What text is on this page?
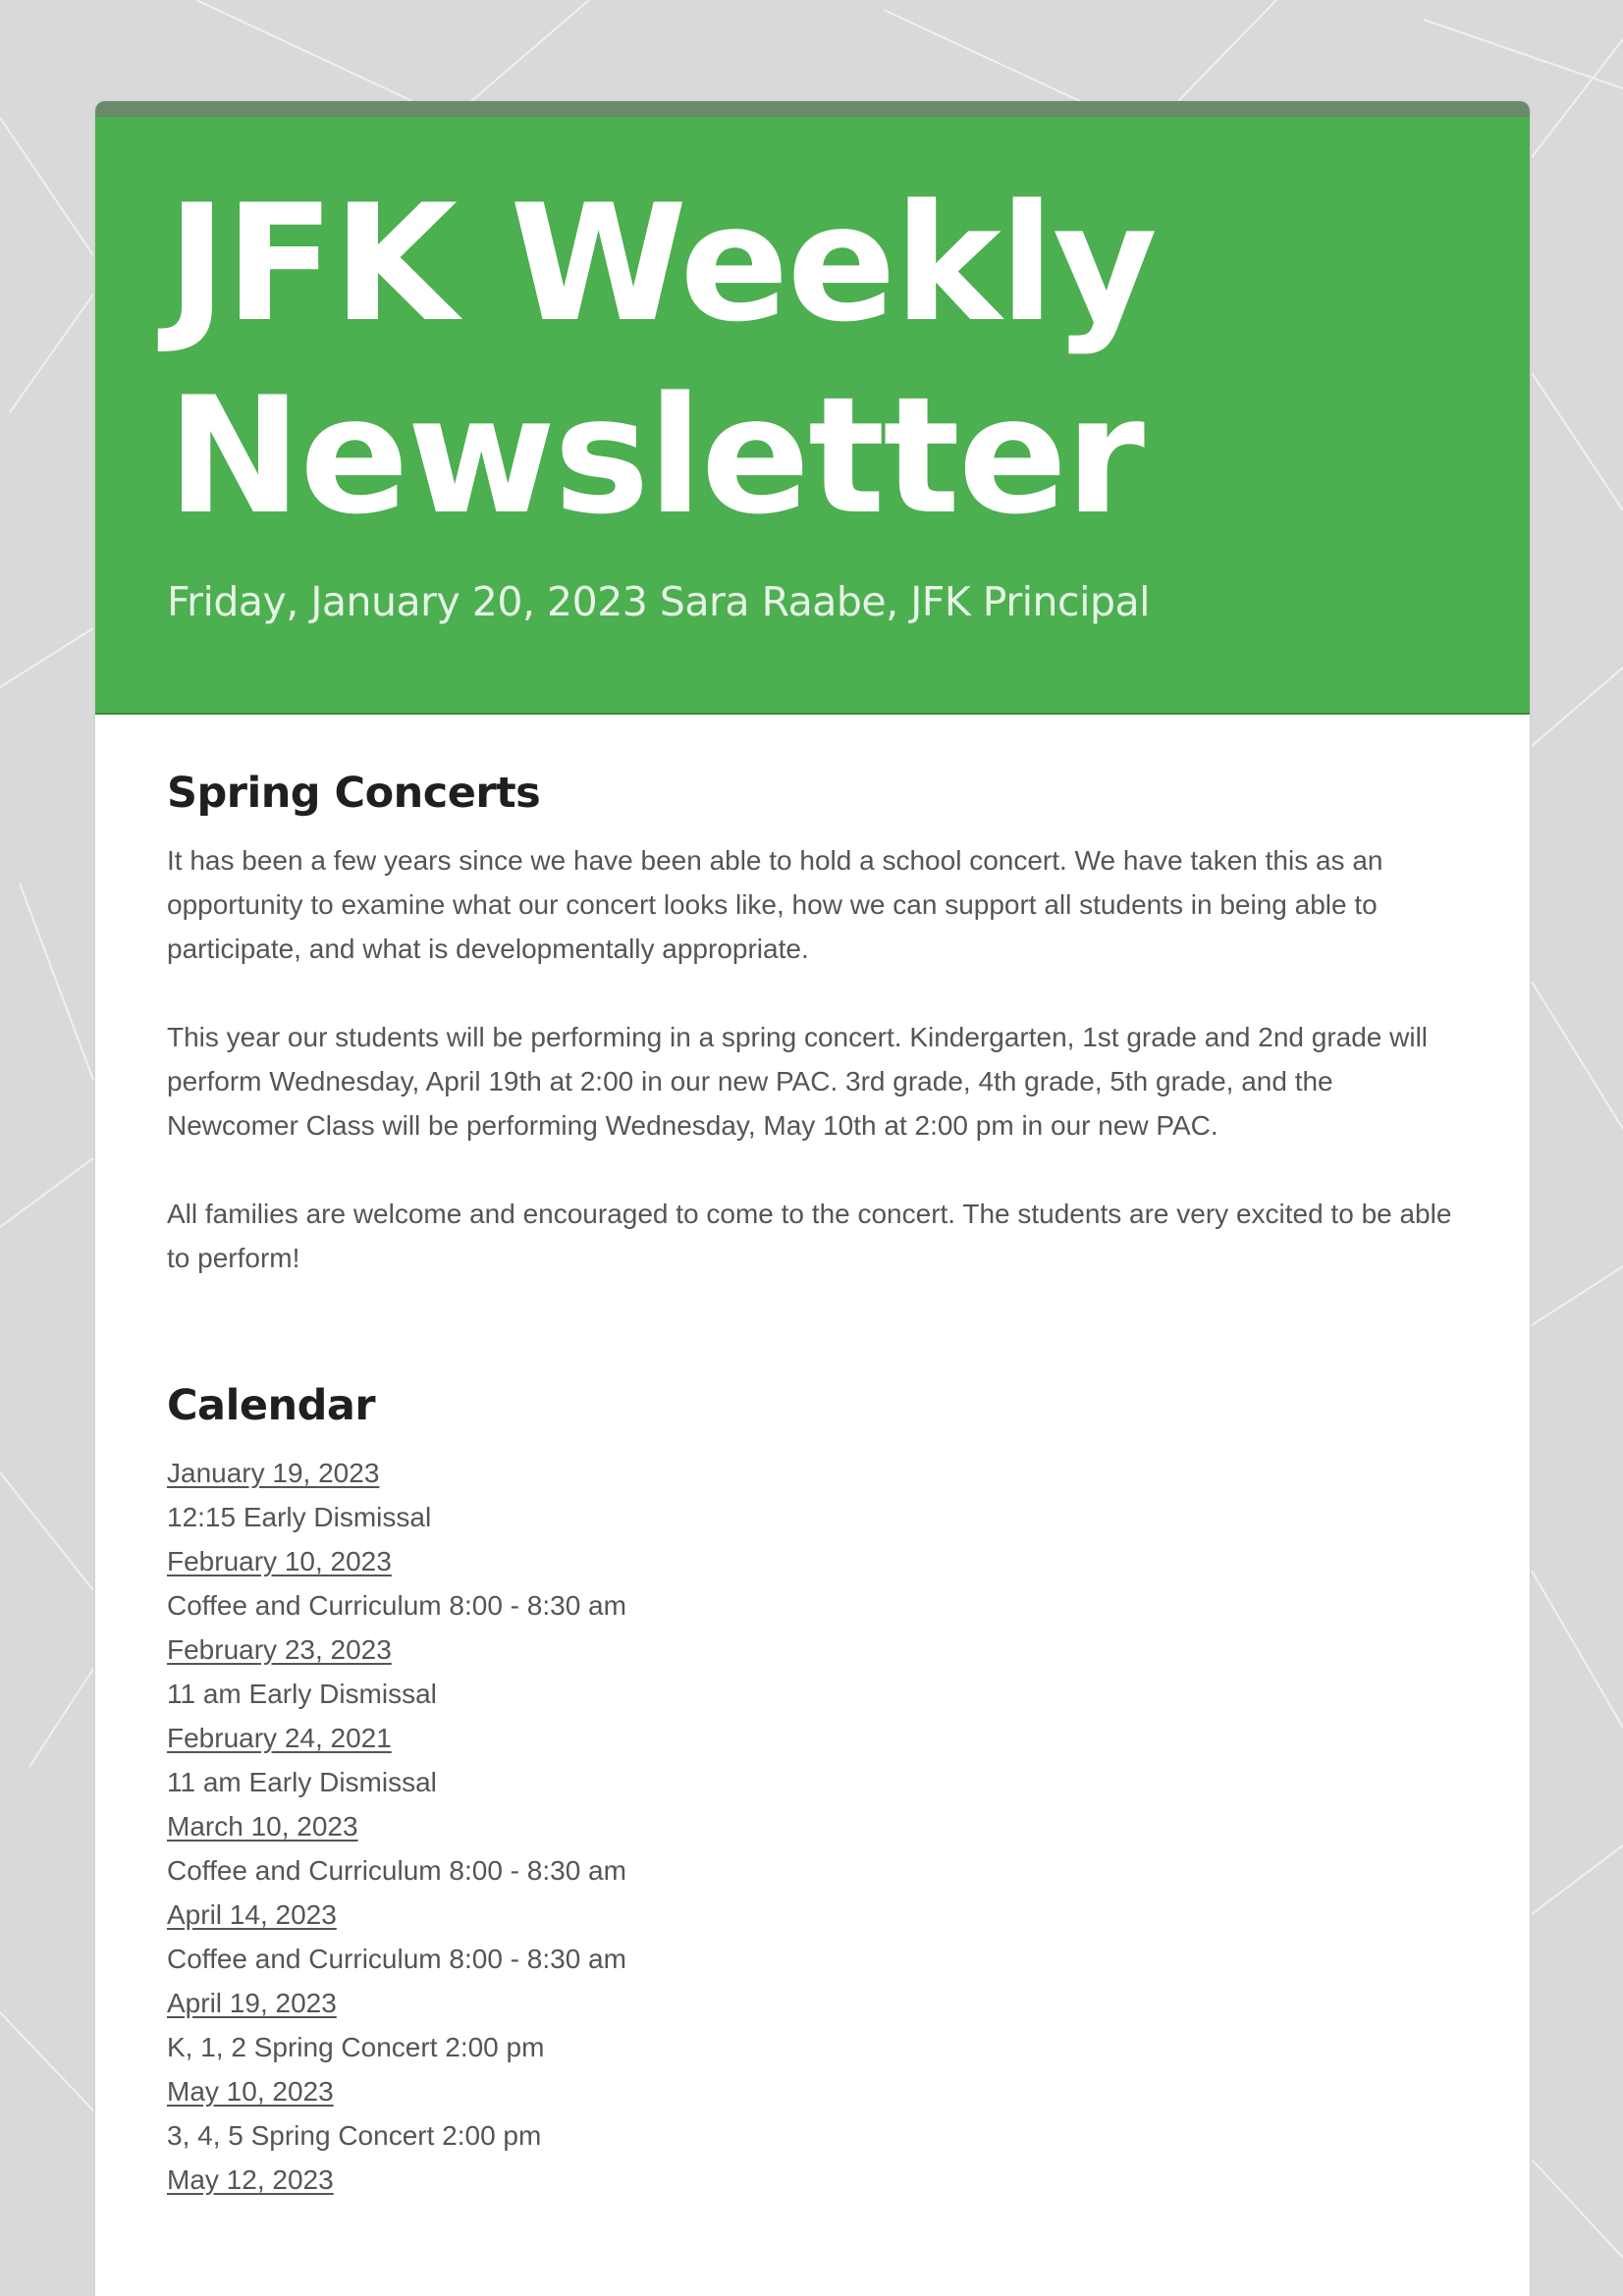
JFK Weekly Newsletter

Friday, January 20, 2023 Sara Raabe, JFK Principal

Spring Concerts

It has been a few years since we have been able to hold a school concert. We have taken this as an opportunity to examine what our concert looks like, how we can support all students in being able to participate, and what is developmentally appropriate.

This year our students will be performing in a spring concert. Kindergarten, 1st grade and 2nd grade will perform Wednesday, April 19th at 2:00 in our new PAC. 3rd grade, 4th grade, 5th grade, and the Newcomer Class will be performing Wednesday, May 10th at 2:00 pm in our new PAC.

All families are welcome and encouraged to come to the concert. The students are very excited to be able to perform!

Calendar
January 19, 2023
12:15 Early Dismissal
February 10, 2023
Coffee and Curriculum 8:00 - 8:30 am
February 23, 2023
11 am Early Dismissal
February 24, 2021
11 am Early Dismissal
March 10, 2023
Coffee and Curriculum 8:00 - 8:30 am
April 14, 2023
Coffee and Curriculum 8:00 - 8:30 am
April 19, 2023
K, 1, 2 Spring Concert 2:00 pm
May 10, 2023
3, 4, 5 Spring Concert 2:00 pm
May 12, 2023
